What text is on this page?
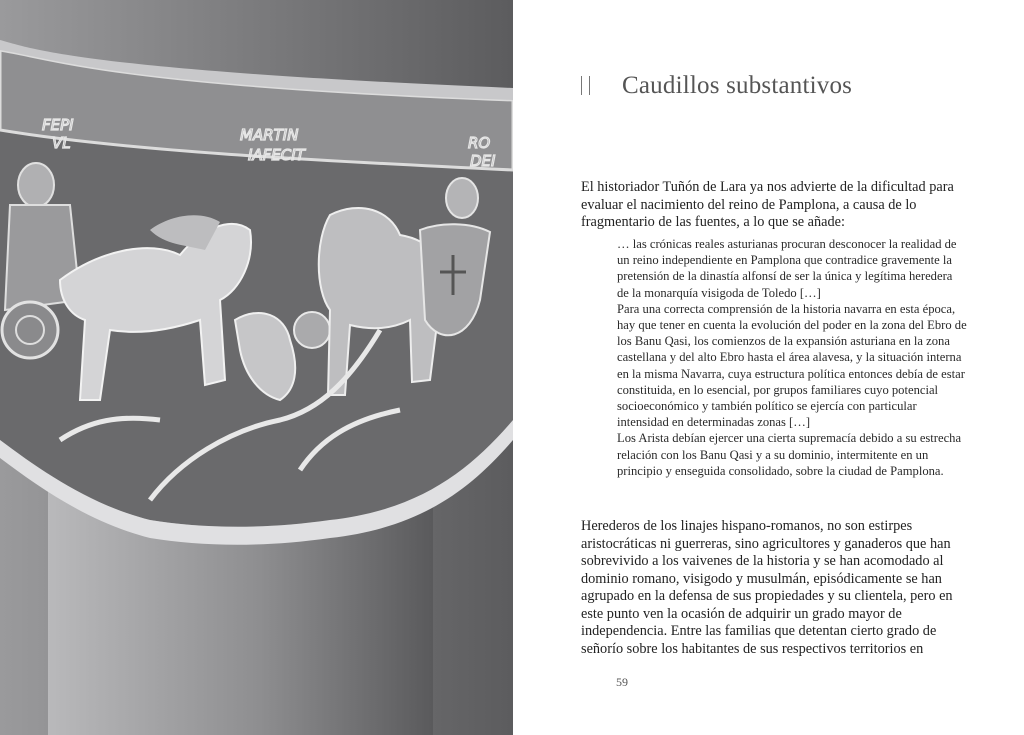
FEPI
VL	MARTIN
IAFECIT
RO
DEI
Caudillos substantivos

El historiador Tuñón de Lara ya nos advierte de la dificultad para evaluar el nacimiento del reino de Pamplona, a causa de lo fragmentario de las fuentes, a lo que se añade:

… las crónicas reales asturianas procuran desconocer la realidad de un reino independiente en Pamplona que contradice gravemente la pretensión de la dinastía alfonsí de ser la única y legítima heredera de la monarquía visigoda de Toledo […]

Para una correcta comprensión de la historia navarra en esta época, hay que tener en cuenta la evolución del poder en la zona del Ebro de los Banu Qasi, los comienzos de la expansión asturiana en la zona castellana y del alto Ebro hasta el área alavesa, y la situación interna en la misma Navarra, cuya estructura política entonces debía de estar constituida, en lo esencial, por grupos familiares cuyo potencial socioeconómico y también político se ejercía con particular intensidad en determinadas zonas […]

Los Arista debían ejercer una cierta supremacía debido a su estrecha relación con los Banu Qasi y a su dominio, intermitente en un principio y enseguida consolidado, sobre la ciudad de Pamplona.

Herederos de los linajes hispano-romanos, no son estirpes aristocráticas ni guerreras, sino agricultores y ganaderos que han sobrevivido a los vaivenes de la historia y se han acomodado al dominio romano, visigodo y musulmán, episódicamente se han agrupado en la defensa de sus propiedades y su clientela, pero en este punto ven la ocasión de adquirir un grado mayor de independencia. Entre las familias que detentan cierto grado de señorío sobre los habitantes de sus respectivos territorios en

59
